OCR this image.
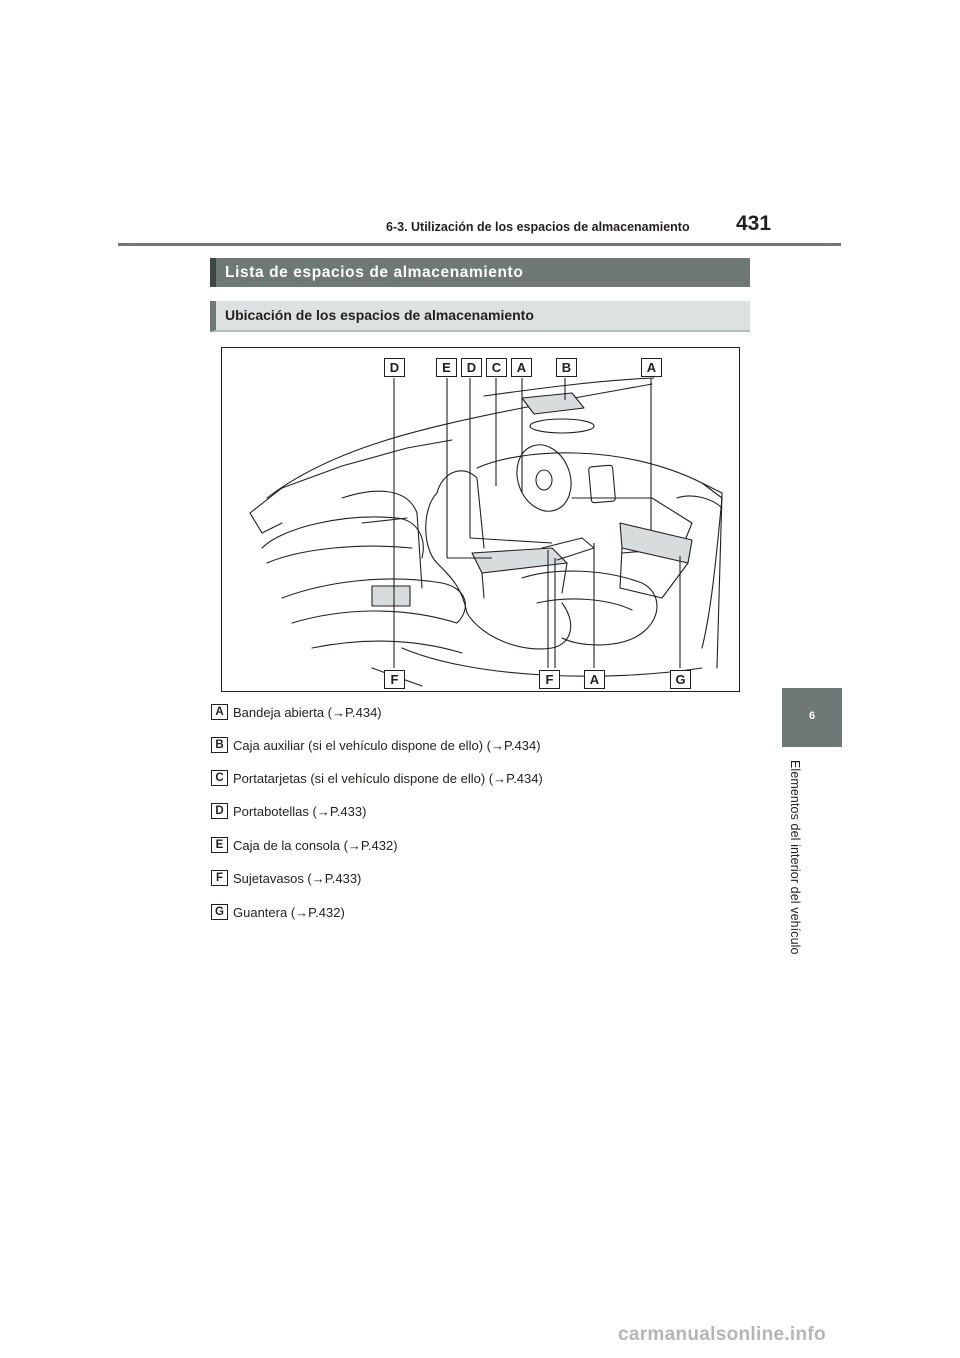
6-3. Utilización de los espacios de almacenamiento 431
6
Elementos del interior del vehículo
Lista de espacios de almacenamiento
Ubicación de los espacios de almacenamiento
D	E	D	C	A	B	A
F	F	A	G
A Bandeja abierta (→P.434)
B Caja auxiliar (si el vehículo dispone de ello) (→P.434)
C Portatarjetas (si el vehículo dispone de ello) (→P.434)
D Portabotellas (→P.433)
E Caja de la consola (→P.432)
F Sujetavasos (→P.433)
G Guantera (→P.432)
carmanualsonline.info
